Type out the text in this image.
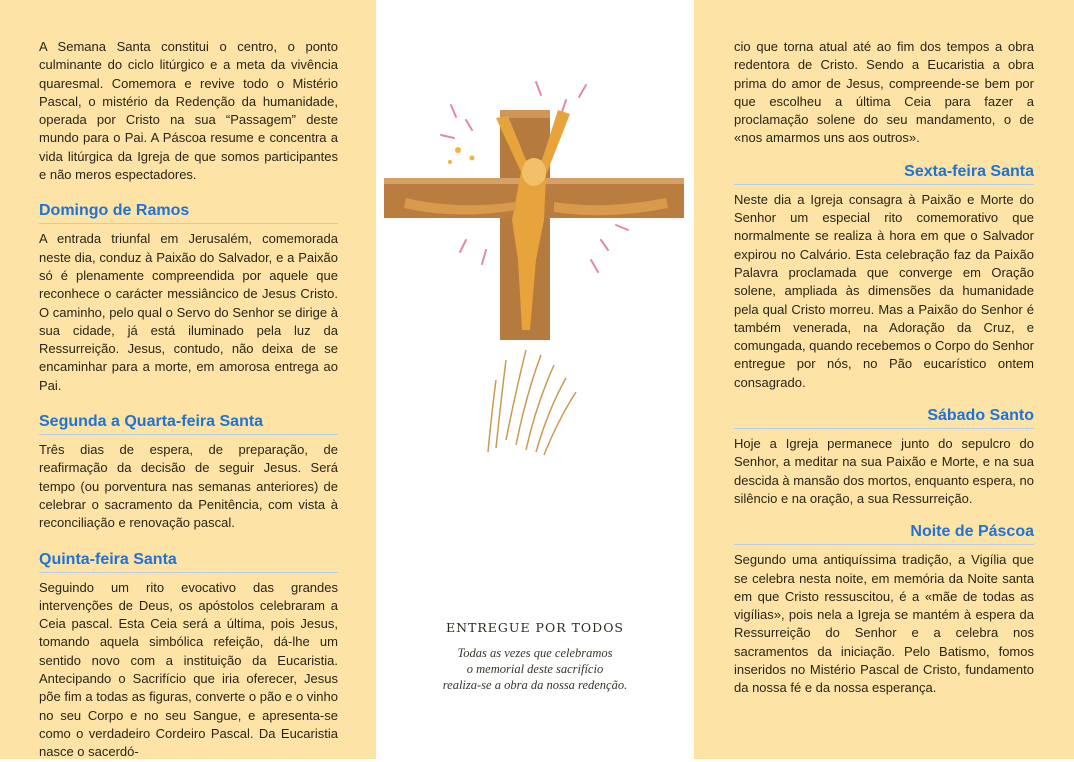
A Semana Santa constitui o centro, o ponto culminante do ciclo litúrgico e a meta da vivência quaresmal. Comemora e revive todo o Mistério Pascal, o mistério da Redenção da humanidade, operada por Cristo na sua “Passagem” deste mundo para o Pai. A Páscoa resume e concentra a vida litúrgica da Igreja de que somos participantes e não meros espectadores.

Domingo de Ramos

A entrada triunfal em Jerusalém, comemorada neste dia, conduz à Paixão do Salvador, e a Paixão só é plenamente compreendida por aquele que reconhece o carácter messiâncico de Jesus Cristo. O caminho, pelo qual o Servo do Senhor se dirige à sua cidade, já está iluminado pela luz da Ressurreição. Jesus, contudo, não deixa de se encaminhar para a morte, em amorosa entrega ao Pai.

Segunda a Quarta-feira Santa

Três dias de espera, de preparação, de reafirmação da decisão de seguir Jesus. Será tempo (ou porventura nas semanas anteriores) de celebrar o sacramento da Penitência, com vista à reconciliação e renovação pascal.

Quinta-feira Santa

Seguindo um rito evocativo das grandes intervenções de Deus, os apóstolos celebraram a Ceia pascal. Esta Ceia será a última, pois Jesus, tomando aquela simbólica refeição, dá-lhe um sentido novo com a instituição da Eucaristia. Antecipando o Sacrifício que iria oferecer, Jesus põe fim a todas as figuras, converte o pão e o vinho no seu Corpo e no seu Sangue, e apresenta-se como o verdadeiro Cordeiro Pascal. Da Eucaristia nasce o sacerdó-

ENTREGUE POR TODOS
Todas as vezes que celebramos
o memorial deste sacrifício
realiza-se a obra da nossa redenção.

cio que torna atual até ao fim dos tempos a obra redentora de Cristo. Sendo a Eucaristia a obra prima do amor de Jesus, compreende-se bem por que escolheu a última Ceia para fazer a proclamação solene do seu mandamento, o de «nos amarmos uns aos outros».

Sexta-feira Santa

Neste dia a Igreja consagra à Paixão e Morte do Senhor um especial rito comemorativo que normalmente se realiza à hora em que o Salvador expirou no Calvário. Esta celebração faz da Paixão Palavra proclamada que converge em Oração solene, ampliada às dimensões da humanidade pela qual Cristo morreu. Mas a Paixão do Senhor é também venerada, na Adoração da Cruz, e comungada, quando recebemos o Corpo do Senhor entregue por nós, no Pão eucarístico ontem consagrado.

Sábado Santo

Hoje a Igreja permanece junto do sepulcro do Senhor, a meditar na sua Paixão e Morte, e na sua descida à mansão dos mortos, enquanto espera, no silêncio e na oração, a sua Ressurreição.

Noite de Páscoa

Segundo uma antiquíssima tradição, a Vigília que se celebra nesta noite, em memória da Noite santa em que Cristo ressuscitou, é a «mãe de todas as vigílias», pois nela a Igreja se mantém à espera da Ressurreição do Senhor e a celebra nos sacramentos da iniciação. Pelo Batismo, fomos inseridos no Mistério Pascal de Cristo, fundamento da nossa fé e da nossa esperança.
